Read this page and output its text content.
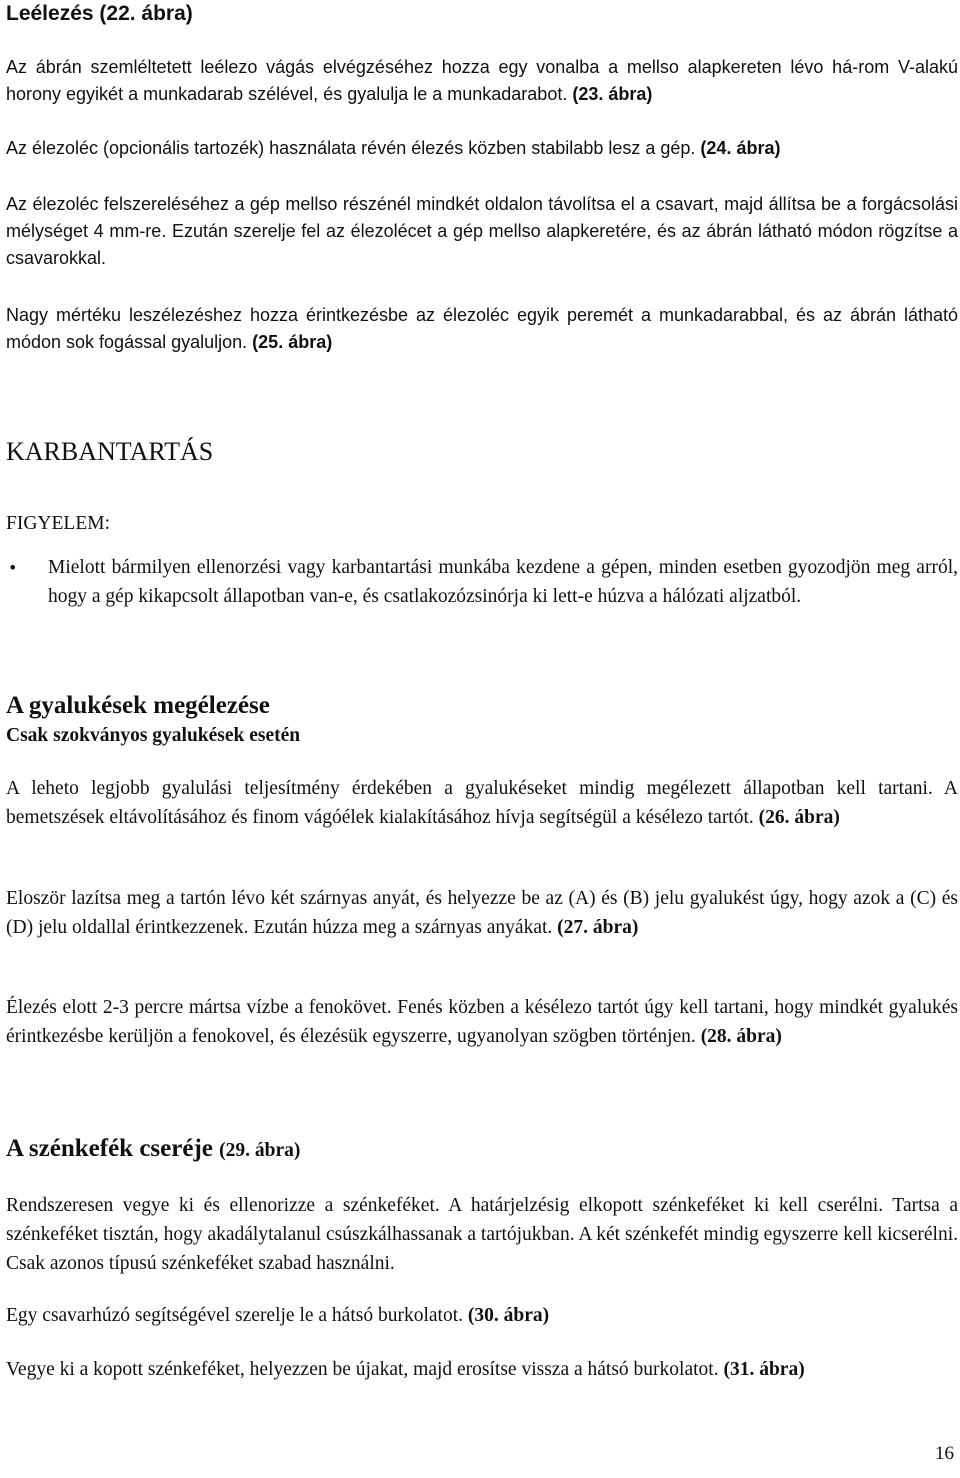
Leélezés (22. ábra)

Az ábrán szemléltetett leélezo vágás elvégzéséhez hozza egy vonalba a mellso alapkereten lévo há-rom V-alakú horony egyikét a munkadarab szélével, és gyalulja le a munkadarabot. (23. ábra)

Az élezoléc (opcionális tartozék) használata révén élezés közben stabilabb lesz a gép. (24. ábra)

Az élezoléc felszereléséhez a gép mellso részénél mindkét oldalon távolítsa el a csavart, majd állítsa be a forgácsolási mélységet 4 mm-re. Ezután szerelje fel az élezolécet a gép mellso alapkeretére, és az ábrán látható módon rögzítse a csavarokkal.

Nagy mértéku leszélezéshez hozza érintkezésbe az élezoléc egyik peremét a munkadarabbal, és az ábrán látható módon sok fogással gyaluljon. (25. ábra)

KARBANTARTÁS

FIGYELEM:

•	Mielott bármilyen ellenorzési vagy karbantartási munkába kezdene a gépen, minden esetben gyozodjön meg arról, hogy a gép kikapcsolt állapotban van-e, és csatlakozózsinórja ki lett-e húzva a hálózati aljzatból.

A gyalukések megélezése

Csak szokványos gyalukések esetén

A leheto legjobb gyalulási teljesítmény érdekében a gyalukéseket mindig megélezett állapotban kell tartani. A bemetszések eltávolításához és finom vágóélek kialakításához hívja segítségül a késélezo tartót. (26. ábra)

Eloször lazítsa meg a tartón lévo két szárnyas anyát, és helyezze be az (A) és (B) jelu gyalukést úgy, hogy azok a (C) és (D) jelu oldallal érintkezzenek. Ezután húzza meg a szárnyas anyákat. (27. ábra)

Élezés elott 2-3 percre mártsa vízbe a fenokövet. Fenés közben a késélezo tartót úgy kell tartani, hogy mindkét gyalukés érintkezésbe kerüljön a fenokovel, és élezésük egyszerre, ugyanolyan szögben történjen. (28. ábra)

A szénkefék cseréje (29. ábra)

Rendszeresen vegye ki és ellenorizze a szénkeféket. A határjelzésig elkopott szénkeféket ki kell cserélni. Tartsa a szénkeféket tisztán, hogy akadálytalanul csúszkálhassanak a tartójukban. A két szénkefét mindig egyszerre kell kicserélni. Csak azonos típusú szénkeféket szabad használni.

Egy csavarhúzó segítségével szerelje le a hátsó burkolatot. (30. ábra)

Vegye ki a kopott szénkeféket, helyezzen be újakat, majd erosítse vissza a hátsó burkolatot. (31. ábra)

16
